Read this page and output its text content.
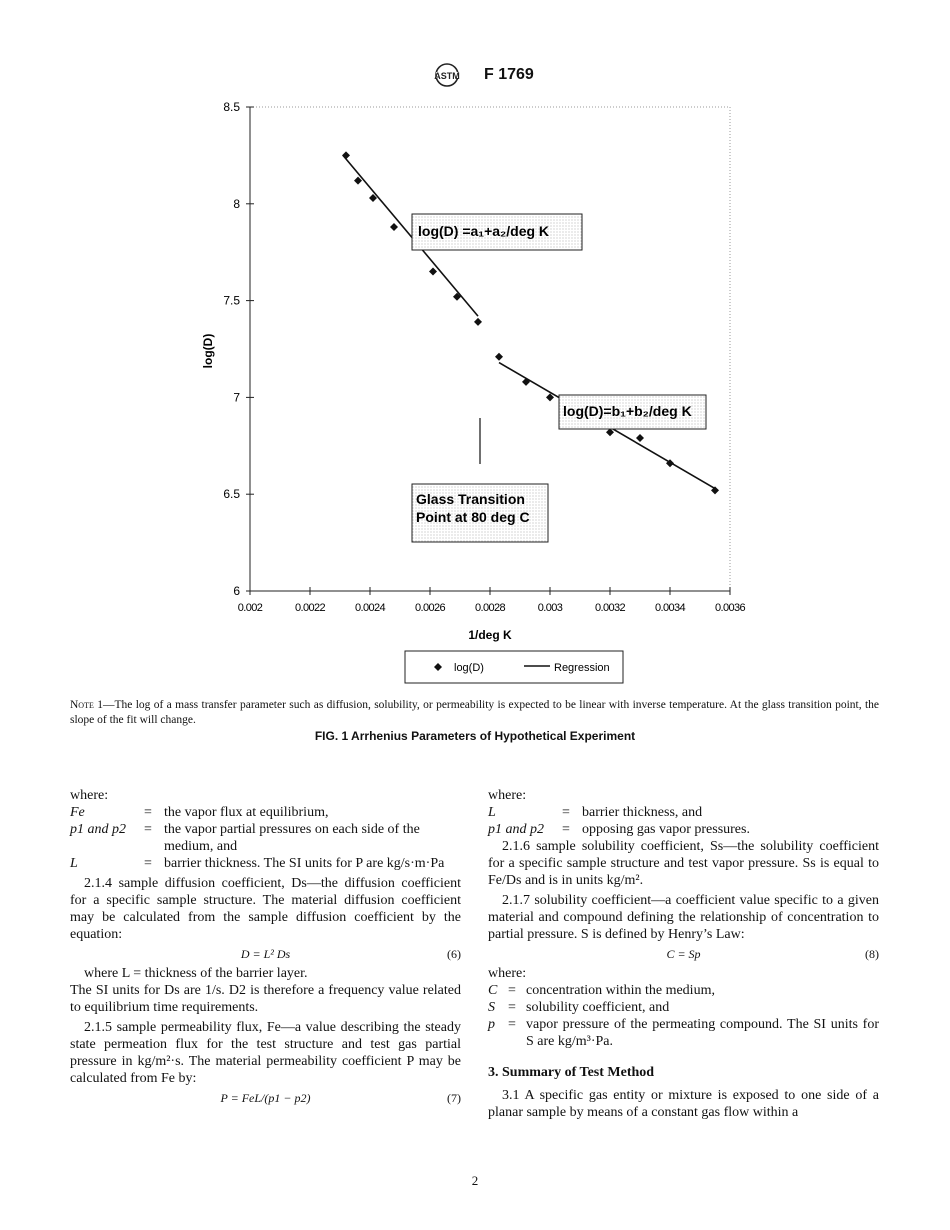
ASTM F 1769
6
6.5
7
7.5
8
8.5
0.002	0.0022	0.0024	0.0026	0.0028	0.003	0.0032	0.0034	0.0036
log(D)
1/deg K
log(D) =a₁+a₂/deg K
log(D)=b₁+b₂/deg K
Glass Transition
Point at 80 deg C
log(D)	Regression
Note 1—The log of a mass transfer parameter such as diffusion, solubility, or permeability is expected to be linear with inverse temperature. At the glass transition point, the slope of the fit will change.
FIG. 1 Arrhenius Parameters of Hypothetical Experiment

where:

Fe	=	the vapor flux at equilibrium,
p1 and p2	=	the vapor partial pressures on each side of the medium, and
L	=	barrier thickness. The SI units for P are kg/s·m·Pa

2.1.4 sample diffusion coefficient, Ds—the diffusion coefficient for a specific sample structure. The material diffusion coefficient may be calculated from the sample diffusion coefficient by the equation:

D = L² Ds	(6)

where L = thickness of the barrier layer.

The SI units for Ds are 1/s. D2 is therefore a frequency value related to equilibrium time requirements.

2.1.5 sample permeability flux, Fe—a value describing the steady state permeation flux for the test structure and test gas partial pressure in kg/m²·s. The material permeability coefficient P may be calculated from Fe by:

P = FeL/(p1 − p2)	(7)

where:

L	=	barrier thickness, and
p1 and p2	=	opposing gas vapor pressures.

2.1.6 sample solubility coefficient, Ss—the solubility coefficient for a specific sample structure and test vapor pressure. Ss is equal to Fe/Ds and is in units kg/m².

2.1.7 solubility coefficient—a coefficient value specific to a given material and compound defining the relationship of concentration to partial pressure. S is defined by Henry’s Law:

C = Sp	(8)

where:

C	=	concentration within the medium,
S	=	solubility coefficient, and
p	=	vapor pressure of the permeating compound. The SI units for S are kg/m³·Pa.

3. Summary of Test Method

3.1 A specific gas entity or mixture is exposed to one side of a planar sample by means of a constant gas flow within a

2
